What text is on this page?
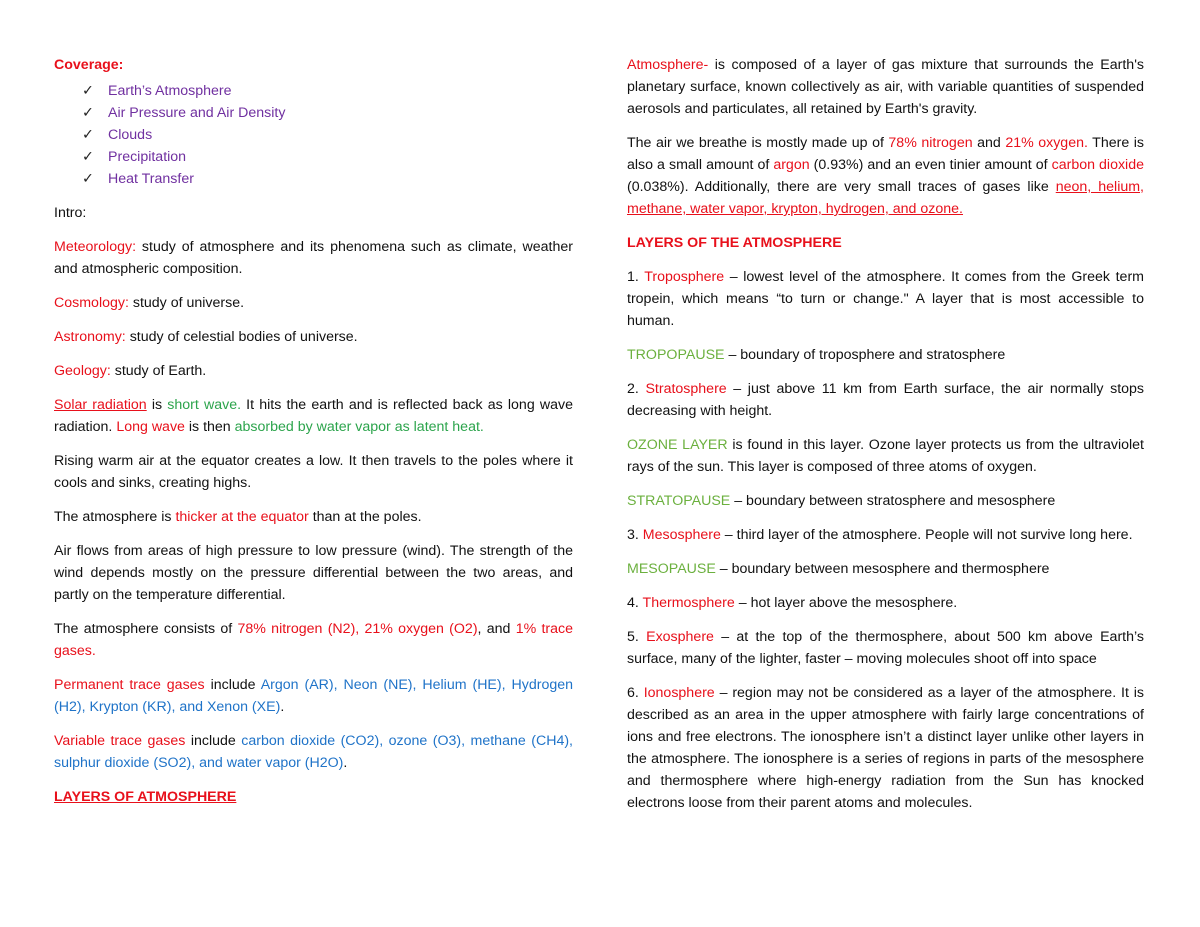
Coverage:

✓ Earth’s Atmosphere
✓ Air Pressure and Air Density
✓ Clouds
✓ Precipitation
✓ Heat Transfer

Intro:

Meteorology: study of atmosphere and its phenomena such as climate, weather and atmospheric composition.

Cosmology: study of universe.

Astronomy: study of celestial bodies of universe.

Geology: study of Earth.

Solar radiation is short wave. It hits the earth and is reflected back as long wave radiation. Long wave is then absorbed by water vapor as latent heat.

Rising warm air at the equator creates a low. It then travels to the poles where it cools and sinks, creating highs.

The atmosphere is thicker at the equator than at the poles.

Air flows from areas of high pressure to low pressure (wind). The strength of the wind depends mostly on the pressure differential between the two areas, and partly on the temperature differential.

The atmosphere consists of 78% nitrogen (N2), 21% oxygen (O2), and 1% trace gases.

Permanent trace gases include Argon (AR), Neon (NE), Helium (HE), Hydrogen (H2), Krypton (KR), and Xenon (XE).

Variable trace gases include carbon dioxide (CO2), ozone (O3), methane (CH4), sulphur dioxide (SO2), and water vapor (H2O).

LAYERS OF ATMOSPHERE

Atmosphere- is composed of a layer of gas mixture that surrounds the Earth's planetary surface, known collectively as air, with variable quantities of suspended aerosols and particulates, all retained by Earth's gravity.

The air we breathe is mostly made up of 78% nitrogen and 21% oxygen. There is also a small amount of argon (0.93%) and an even tinier amount of carbon dioxide (0.038%). Additionally, there are very small traces of gases like neon, helium, methane, water vapor, krypton, hydrogen, and ozone.

LAYERS OF THE ATMOSPHERE

1. Troposphere – lowest level of the atmosphere. It comes from the Greek term tropein, which means “to turn or change." A layer that is most accessible to human.

TROPOPAUSE – boundary of troposphere and stratosphere

2. Stratosphere – just above 11 km from Earth surface, the air normally stops decreasing with height.

OZONE LAYER is found in this layer. Ozone layer protects us from the ultraviolet rays of the sun. This layer is composed of three atoms of oxygen.

STRATOPAUSE – boundary between stratosphere and mesosphere

3. Mesosphere – third layer of the atmosphere. People will not survive long here.

MESOPAUSE – boundary between mesosphere and thermosphere

4. Thermosphere – hot layer above the mesosphere.

5. Exosphere – at the top of the thermosphere, about 500 km above Earth’s surface, many of the lighter, faster – moving molecules shoot off into space

6. Ionosphere – region may not be considered as a layer of the atmosphere. It is described as an area in the upper atmosphere with fairly large concentrations of ions and free electrons. The ionosphere isn’t a distinct layer unlike other layers in the atmosphere. The ionosphere is a series of regions in parts of the mesosphere and thermosphere where high-energy radiation from the Sun has knocked electrons loose from their parent atoms and molecules.
